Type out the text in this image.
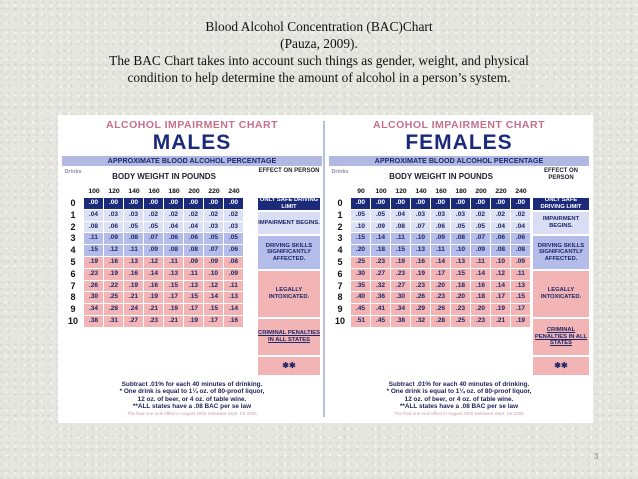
Blood Alcohol Concentration (BAC)Chart
(Pauza, 2009).
The BAC Chart takes into account such things as gender, weight, and physical
condition to help determine the amount of alcohol in a person’s system.
ALCOHOL IMPAIRMENT CHART
MALES
APPROXIMATE BLOOD ALCOHOL PERCENTAGE
Drinks	BODY WEIGHT IN POUNDS
EFFECT ON PERSON
100	120	140	160	180	200	220	240
0	.00	.00	.00	.00	.00	.00	.00	.00
1	.04	.03	.03	.02	.02	.02	.02	.02
2	.08	.06	.05	.05	.04	.04	.03	.03
3	.11	.09	.08	.07	.06	.06	.05	.05
4	.15	.12	.11	.09	.08	.08	.07	.06
5	.19	.16	.13	.12	.11	.09	.09	.08
6	.23	.19	.16	.14	.13	.11	.10	.09
7	.26	.22	.19	.16	.15	.13	.12	.11
8	.30	.25	.21	.19	.17	.15	.14	.13
9	.34	.28	.24	.21	.19	.17	.15	.14
10	.38	.31	.27	.23	.21	.19	.17	.16
ONLY SAFE DRIVING LIMIT
IMPAIRMENT BEGINS.
DRIVING SKILLS SIGNIFICANTLY AFFECTED.
LEGALLY INTOXICATED.
CRIMINAL PENALTIES IN ALL STATES
✱✱
Subtract .01% for each 40 minutes of drinking.
* One drink is equal to 1¼ oz. of 80-proof liquor,
12 oz. of beer, or 4 oz. of table wine.
**ALL states have a .08 BAC per se law
The final one took effect in August 2005 Deleware Sept. 1st 2005
ALCOHOL IMPAIRMENT CHART
FEMALES
APPROXIMATE BLOOD ALCOHOL PERCENTAGE
Drinks	BODY WEIGHT IN POUNDS
EFFECT ON PERSON
90	100	120	140	160	180	200	220	240
0	.00	.00	.00	.00	.00	.00	.00	.00	.00
1	.05	.05	.04	.03	.03	.03	.02	.02	.02
2	.10	.09	.08	.07	.06	.05	.05	.04	.04
3	.15	.14	.11	.10	.09	.08	.07	.06	.06
4	.20	.18	.15	.13	.11	.10	.09	.08	.08
5	.25	.23	.19	.16	.14	.13	.11	.10	.09
6	.30	.27	.23	.19	.17	.15	.14	.12	.11
7	.35	.32	.27	.23	.20	.18	.16	.14	.13
8	.40	.36	.30	.26	.23	.20	.18	.17	.15
9	.45	.41	.34	.29	.26	.23	.20	.19	.17
10	.51	.45	.38	.32	.28	.25	.23	.21	.19
ONLY SAFE DRIVING LIMIT
IMPAIRMENT BEGINS.
DRIVING SKILLS SIGNIFICANTLY AFFECTED.
LEGALLY INTOXICATED.
CRIMINAL PENALTIES IN ALL STATES
✱✱
Subtract .01% for each 40 minutes of drinking.
* One drink is equal to 1¼ oz. of 80-proof liquor,
12 oz. of beer, or 4 oz. of table wine.
**ALL states have a .08 BAC per se law
The final one took effect in August 2005 Deleware Sept. 1st 2005
3
